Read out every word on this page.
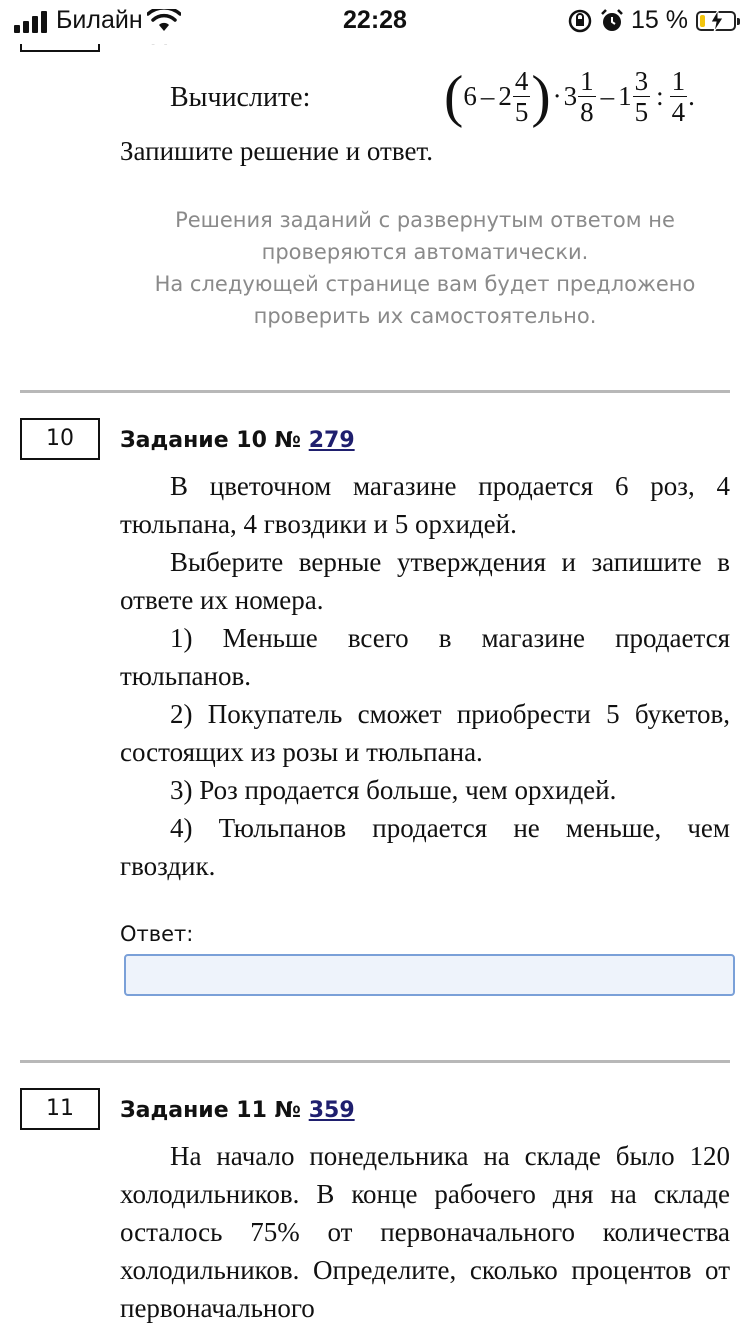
Билайн	22:28	15 %
Вычислите: $(6 - 2 \frac{4}{5} )\cdot 3 \frac{1}{8} - 1 \frac{3}{5}$ : $\frac{1}{4}$ .
Запишите решение и ответ.
Решения заданий с развернутым ответом не проверяются автоматически.
На следующей странице вам будет предложено проверить их самостоятельно.
10	Задание 10 № 279

В цветочном магазине продается 6 роз, 4 тюльпана, 4 гвоздики и 5 орхидей.

Выберите верные утверждения и запишите в ответе их номера.

1) Меньше всего в магазине продается тюльпанов.

2) Покупатель сможет приобрести 5 букетов, состоящих из розы и тюльпана.

3) Роз продается больше, чем орхидей.

4) Тюльпанов продается не меньше, чем гвоздик.

Ответ:
11	Задание 11 № 359

На начало понедельника на складе было 120 холодильников. В конце рабочего дня на складе осталось 75% от первоначального количества холодильников. Определите, сколько процентов от первоначального
